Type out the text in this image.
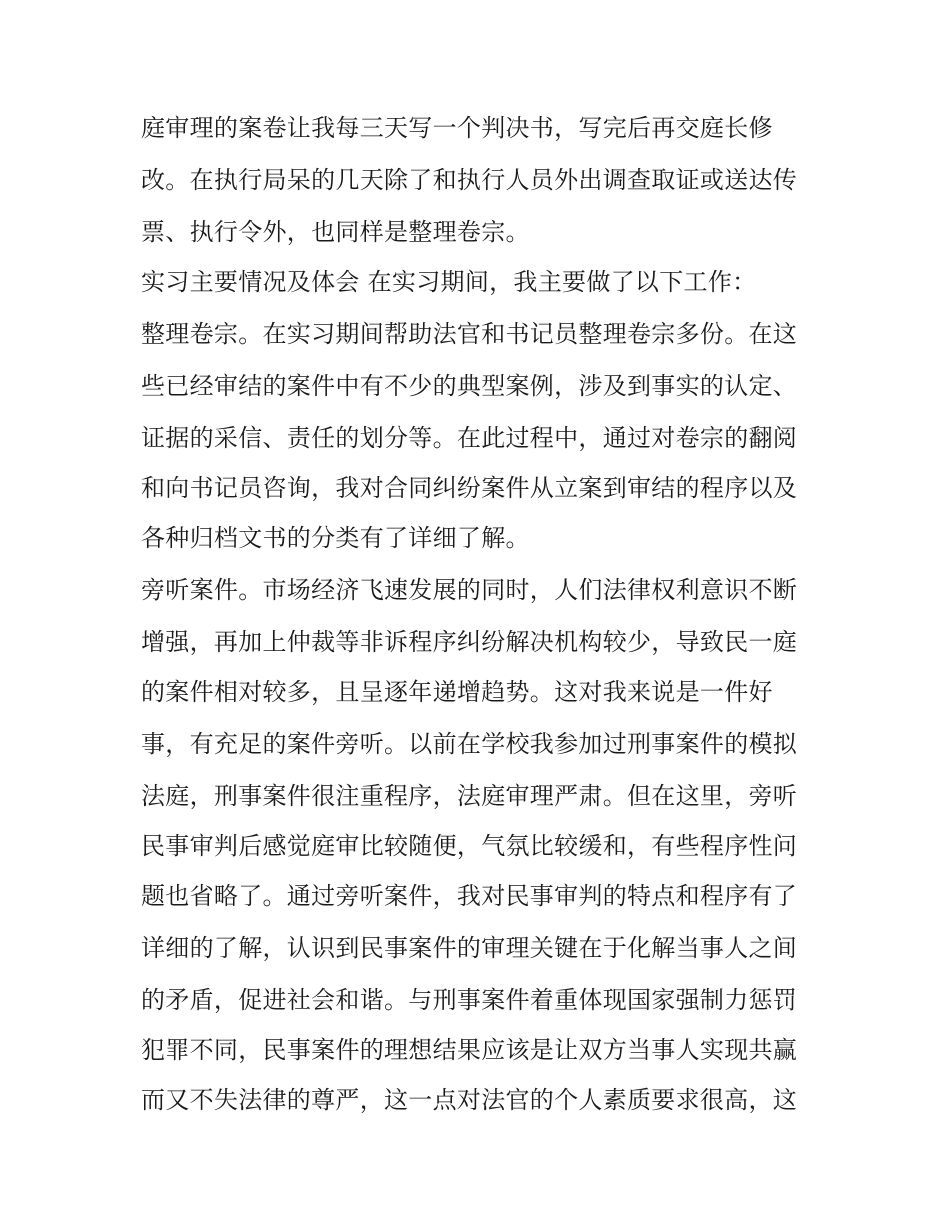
庭审理的案卷让我每三天写一个判决书，写完后再交庭长修
改。在执行局呆的几天除了和执行人员外出调查取证或送达传
票、执行令外，也同样是整理卷宗。
实习主要情况及体会 在实习期间，我主要做了以下工作：
整理卷宗。在实习期间帮助法官和书记员整理卷宗多份。在这
些已经审结的案件中有不少的典型案例，涉及到事实的认定、
证据的采信、责任的划分等。在此过程中，通过对卷宗的翻阅
和向书记员咨询，我对合同纠纷案件从立案到审结的程序以及
各种归档文书的分类有了详细了解。
旁听案件。市场经济飞速发展的同时，人们法律权利意识不断
增强，再加上仲裁等非诉程序纠纷解决机构较少，导致民一庭
的案件相对较多，且呈逐年递增趋势。这对我来说是一件好
事，有充足的案件旁听。以前在学校我参加过刑事案件的模拟
法庭，刑事案件很注重程序，法庭审理严肃。但在这里，旁听
民事审判后感觉庭审比较随便，气氛比较缓和，有些程序性问
题也省略了。通过旁听案件，我对民事审判的特点和程序有了
详细的了解，认识到民事案件的审理关键在于化解当事人之间
的矛盾，促进社会和谐。与刑事案件着重体现国家强制力惩罚
犯罪不同，民事案件的理想结果应该是让双方当事人实现共赢
而又不失法律的尊严，这一点对法官的个人素质要求很高，这
